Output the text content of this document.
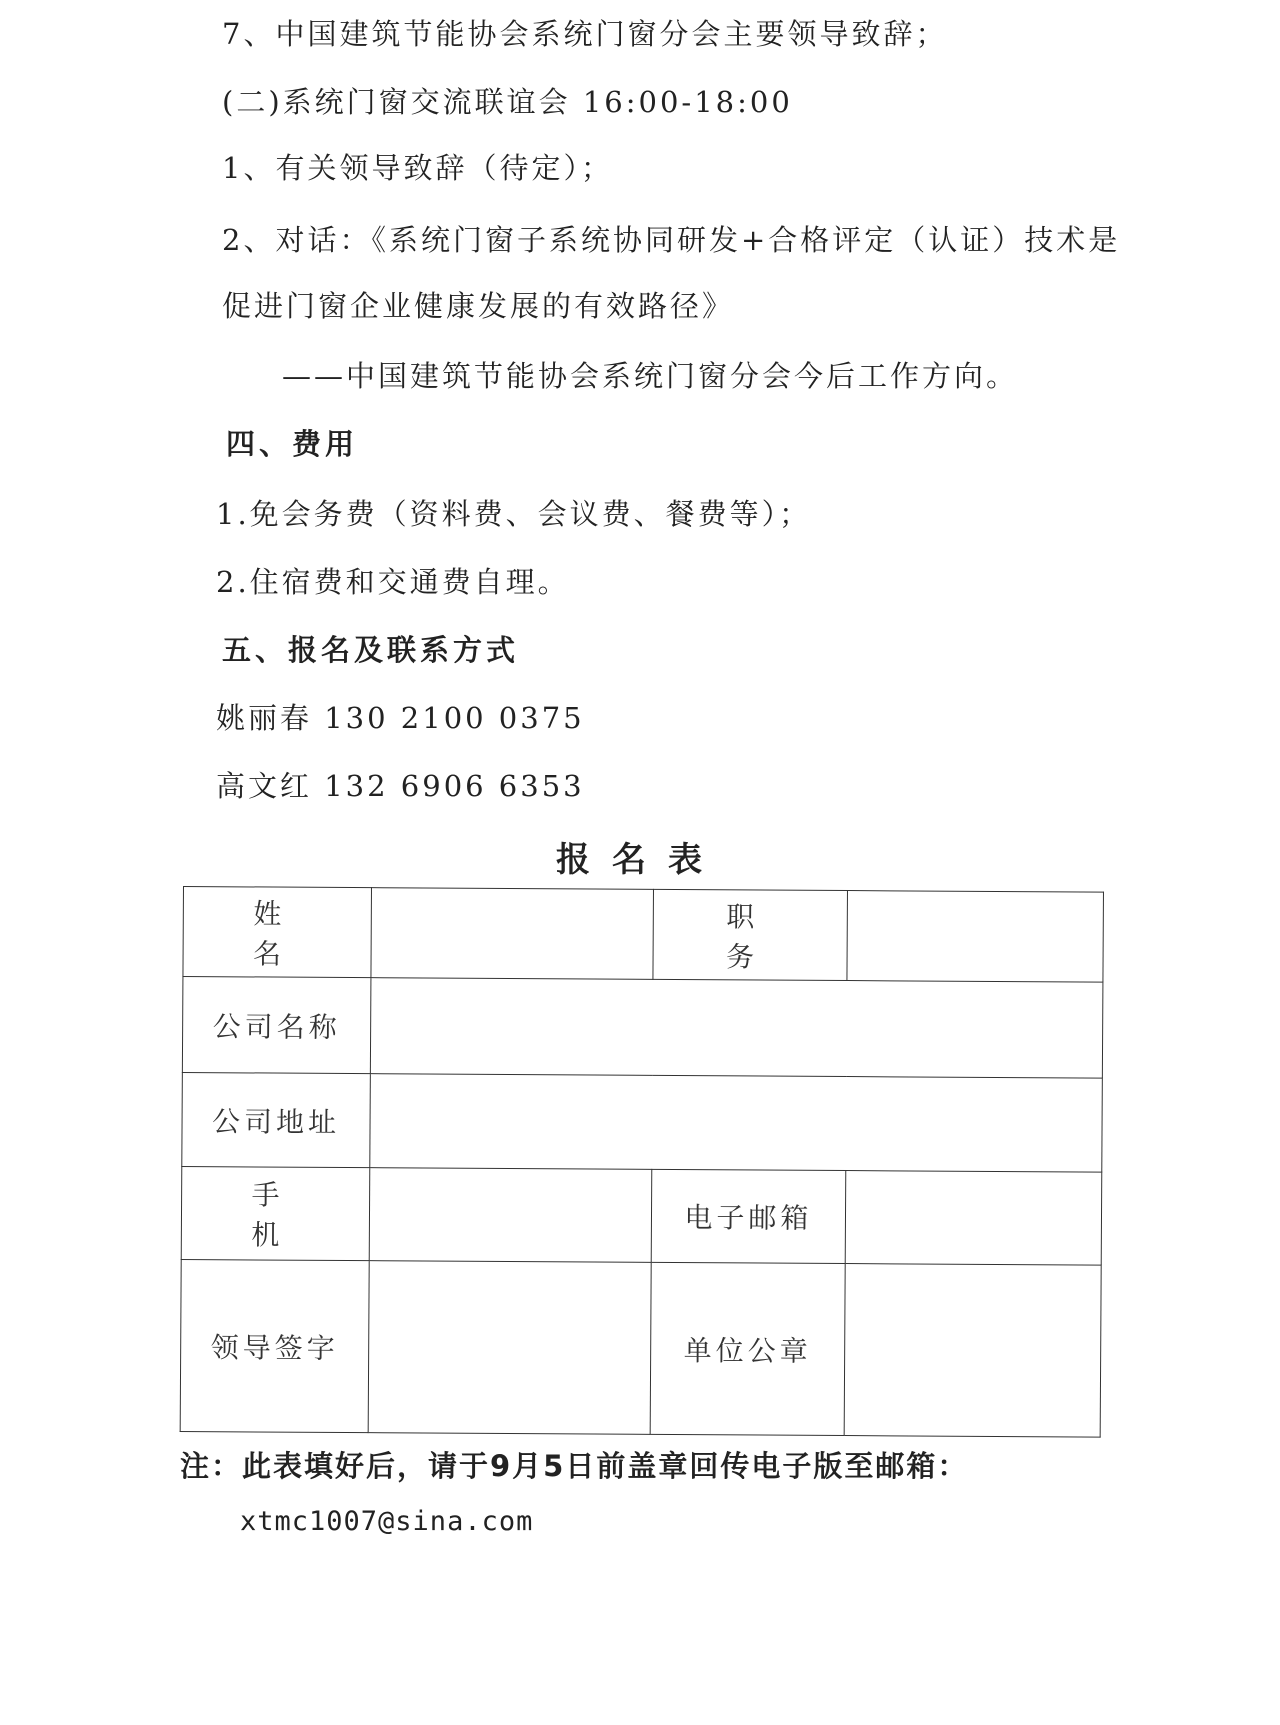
7、中国建筑节能协会系统门窗分会主要领导致辞；
(二)系统门窗交流联谊会 16:00-18:00
1、有关领导致辞（待定）；
2、对话：《系统门窗子系统协同研发+合格评定（认证）技术是
促进门窗企业健康发展的有效路径》
——中国建筑节能协会系统门窗分会今后工作方向。
四、费用
1.免会务费（资料费、会议费、餐费等）；
2.住宿费和交通费自理。
五、报名及联系方式
姚丽春 130 2100 0375
高文红 132 6906 6353
报名表
姓名		职务	
公司名称			
公司地址			
手机		电子邮箱	
领导签字		单位公章	
注：此表填好后，请于9月5日前盖章回传电子版至邮箱：
xtmc1007@sina.com
